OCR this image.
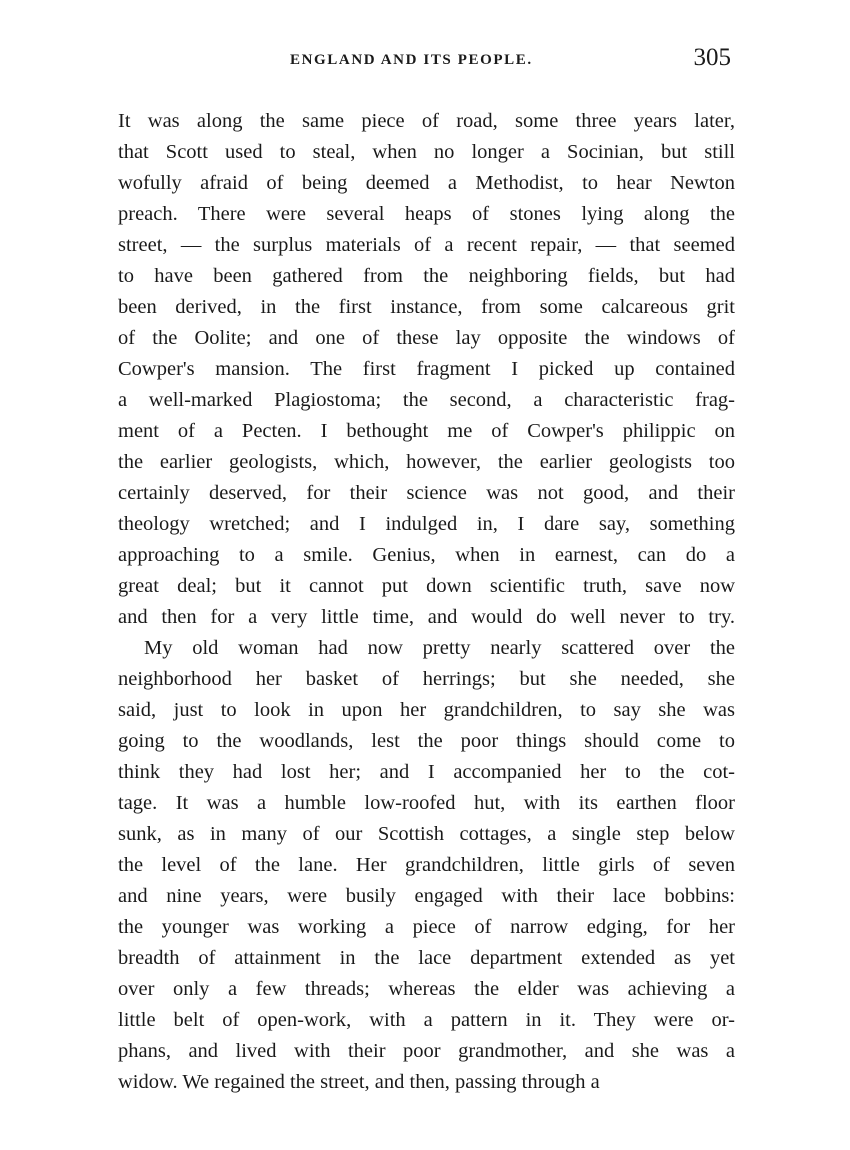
ENGLAND AND ITS PEOPLE.	305
It was along the same piece of road, some three years later,
that Scott used to steal, when no longer a Socinian, but still
wofully afraid of being deemed a Methodist, to hear Newton
preach. There were several heaps of stones lying along the
street, — the surplus materials of a recent repair, — that seemed
to have been gathered from the neighboring fields, but had
been derived, in the first instance, from some calcareous grit
of the Oolite; and one of these lay opposite the windows of
Cowper's mansion. The first fragment I picked up contained
a well-marked Plagiostoma; the second, a characteristic frag-
ment of a Pecten. I bethought me of Cowper's philippic on
the earlier geologists, which, however, the earlier geologists too
certainly deserved, for their science was not good, and their
theology wretched; and I indulged in, I dare say, something
approaching to a smile. Genius, when in earnest, can do a
great deal; but it cannot put down scientific truth, save now
and then for a very little time, and would do well never to try.
My old woman had now pretty nearly scattered over the
neighborhood her basket of herrings; but she needed, she
said, just to look in upon her grandchildren, to say she was
going to the woodlands, lest the poor things should come to
think they had lost her; and I accompanied her to the cot-
tage. It was a humble low-roofed hut, with its earthen floor
sunk, as in many of our Scottish cottages, a single step below
the level of the lane. Her grandchildren, little girls of seven
and nine years, were busily engaged with their lace bobbins:
the younger was working a piece of narrow edging, for her
breadth of attainment in the lace department extended as yet
over only a few threads; whereas the elder was achieving a
little belt of open-work, with a pattern in it. They were or-
phans, and lived with their poor grandmother, and she was a
widow. We regained the street, and then, passing through a
